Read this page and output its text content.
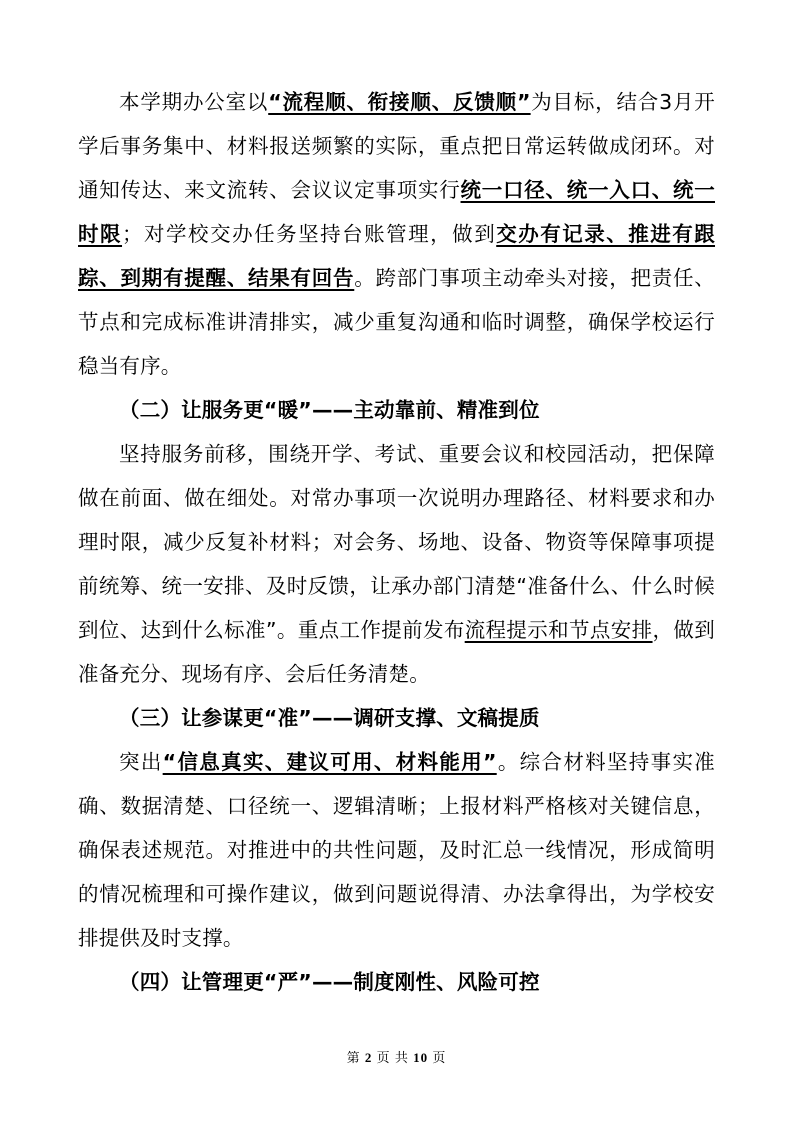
本学期办公室以“流程顺、衔接顺、反馈顺”为目标，结合3月开学后事务集中、材料报送频繁的实际，重点把日常运转做成闭环。对通知传达、来文流转、会议议定事项实行统一口径、统一入口、统一时限；对学校交办任务坚持台账管理，做到交办有记录、推进有跟踪、到期有提醒、结果有回告。跨部门事项主动牵头对接，把责任、节点和完成标准讲清排实，减少重复沟通和临时调整，确保学校运行稳当有序。

（二）让服务更“暖”——主动靠前、精准到位

坚持服务前移，围绕开学、考试、重要会议和校园活动，把保障做在前面、做在细处。对常办事项一次说明办理路径、材料要求和办理时限，减少反复补材料；对会务、场地、设备、物资等保障事项提前统筹、统一安排、及时反馈，让承办部门清楚“准备什么、什么时候到位、达到什么标准”。重点工作提前发布流程提示和节点安排，做到准备充分、现场有序、会后任务清楚。

（三）让参谋更“准”——调研支撑、文稿提质

突出“信息真实、建议可用、材料能用”。综合材料坚持事实准确、数据清楚、口径统一、逻辑清晰；上报材料严格核对关键信息，确保表述规范。对推进中的共性问题，及时汇总一线情况，形成简明的情况梳理和可操作建议，做到问题说得清、办法拿得出，为学校安排提供及时支撑。

（四）让管理更“严”——制度刚性、风险可控

第 2 页 共 10 页
